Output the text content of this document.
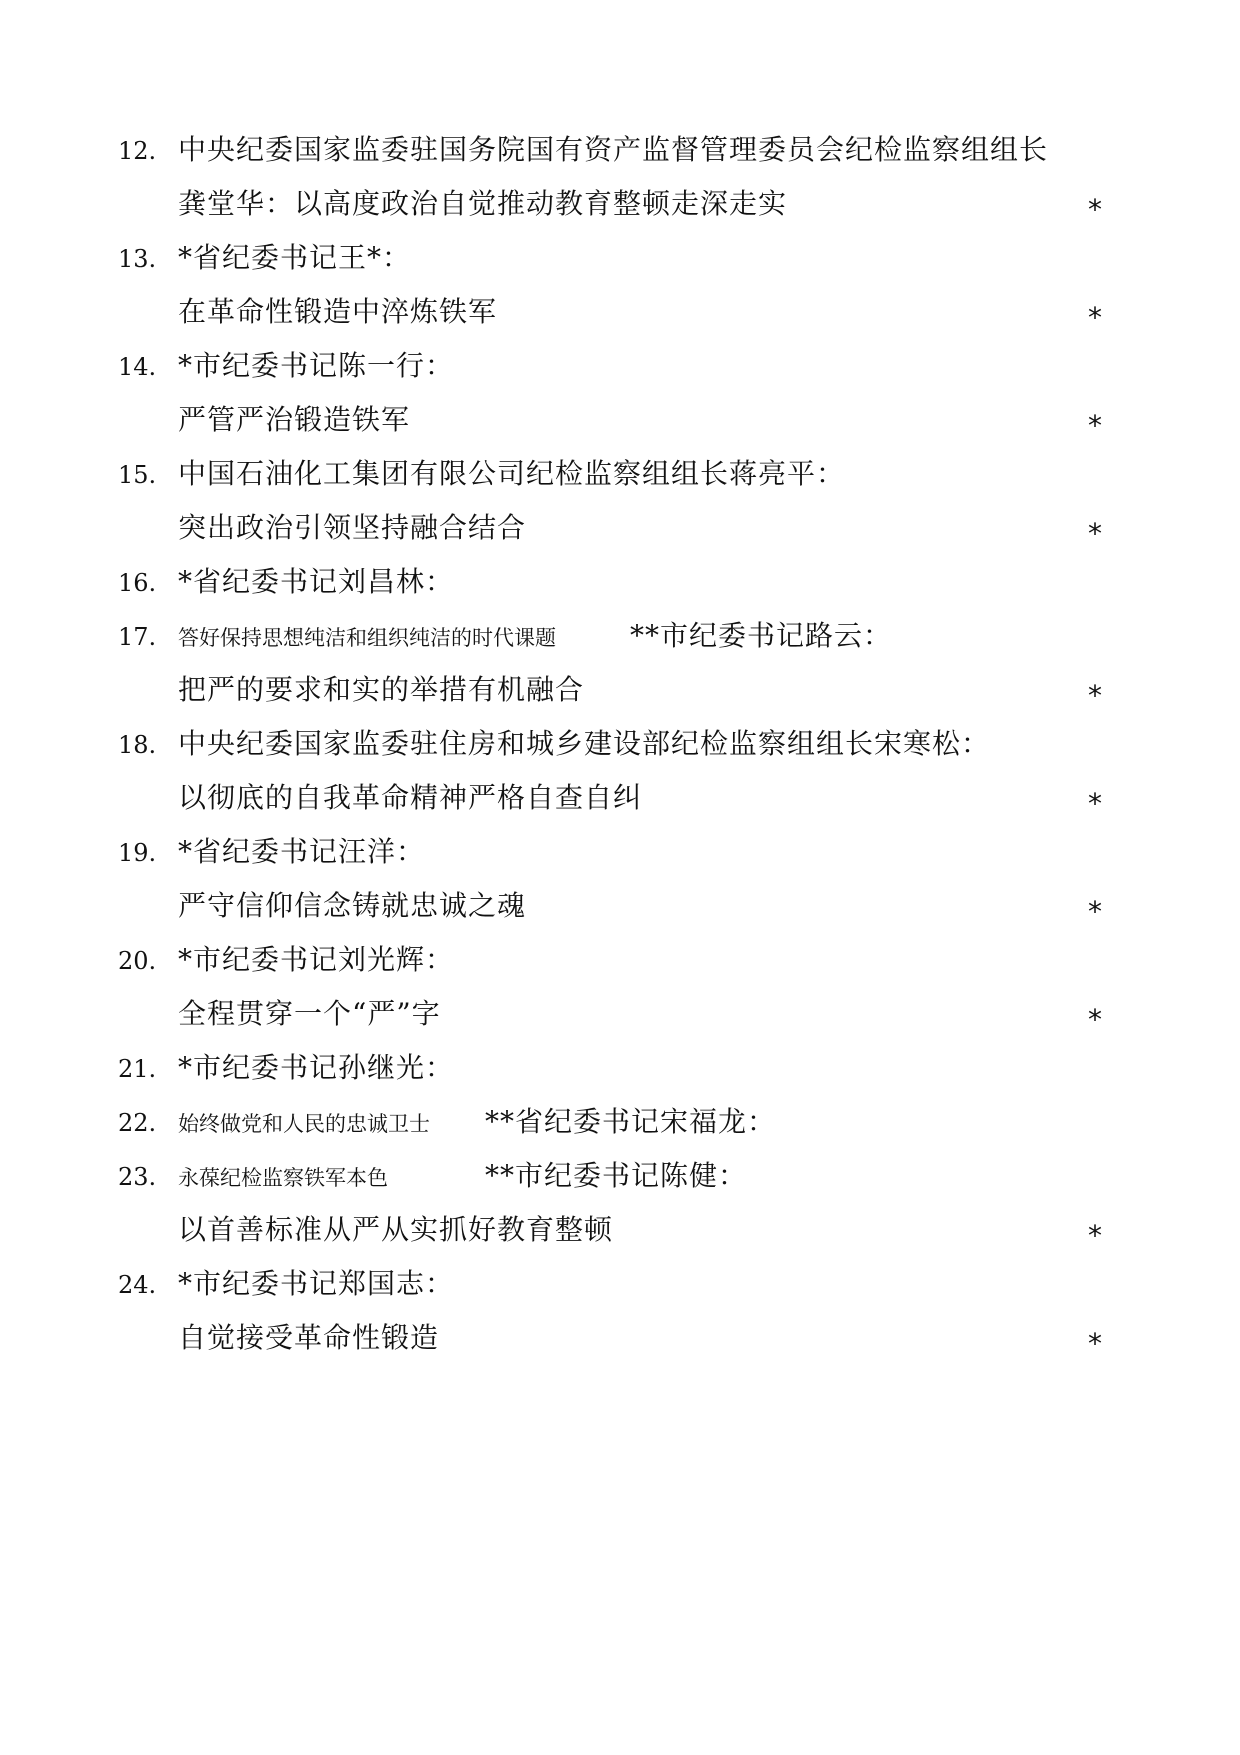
12. 中央纪委国家监委驻国务院国有资产监督管理委员会纪检监察组组长
龚堂华：以高度政治自觉推动教育整顿走深走实	*
13. *省纪委书记王*：
在革命性锻造中淬炼铁军	*
14. *市纪委书记陈一行：
严管严治锻造铁军	*
15. 中国石油化工集团有限公司纪检监察组组长蒋亮平：
突出政治引领坚持融合结合	*
16. *省纪委书记刘昌林：
17. 答好保持思想纯洁和组织纯洁的时代课题	**市纪委书记路云：
把严的要求和实的举措有机融合	*
18. 中央纪委国家监委驻住房和城乡建设部纪检监察组组长宋寒松：
以彻底的自我革命精神严格自查自纠	*
19. *省纪委书记汪洋：
严守信仰信念铸就忠诚之魂	*
20. *市纪委书记刘光辉：
全程贯穿一个“严”字	*
21. *市纪委书记孙继光：
22. 始终做党和人民的忠诚卫士 **省纪委书记宋福龙：
23. 永葆纪检监察铁军本色	**市纪委书记陈健：
以首善标准从严从实抓好教育整顿	*
24. *市纪委书记郑国志：
自觉接受革命性锻造	*
